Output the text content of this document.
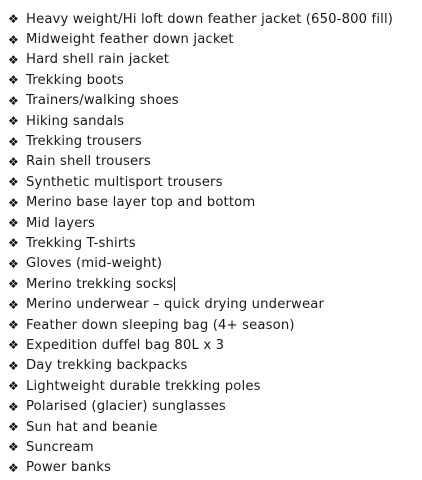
❖ Heavy weight/Hi loft down feather jacket (650-800 fill)
❖ Midweight feather down jacket
❖ Hard shell rain jacket
❖ Trekking boots
❖ Trainers/walking shoes
❖ Hiking sandals
❖ Trekking trousers
❖ Rain shell trousers
❖ Synthetic multisport trousers
❖ Merino base layer top and bottom
❖ Mid layers
❖ Trekking T-shirts
❖ Gloves (mid-weight)
❖ Merino trekking socks
❖ Merino underwear – quick drying underwear
❖ Feather down sleeping bag (4+ season)
❖ Expedition duffel bag 80L x 3
❖ Day trekking backpacks
❖ Lightweight durable trekking poles
❖ Polarised (glacier) sunglasses
❖ Sun hat and beanie
❖ Suncream
❖ Power banks
